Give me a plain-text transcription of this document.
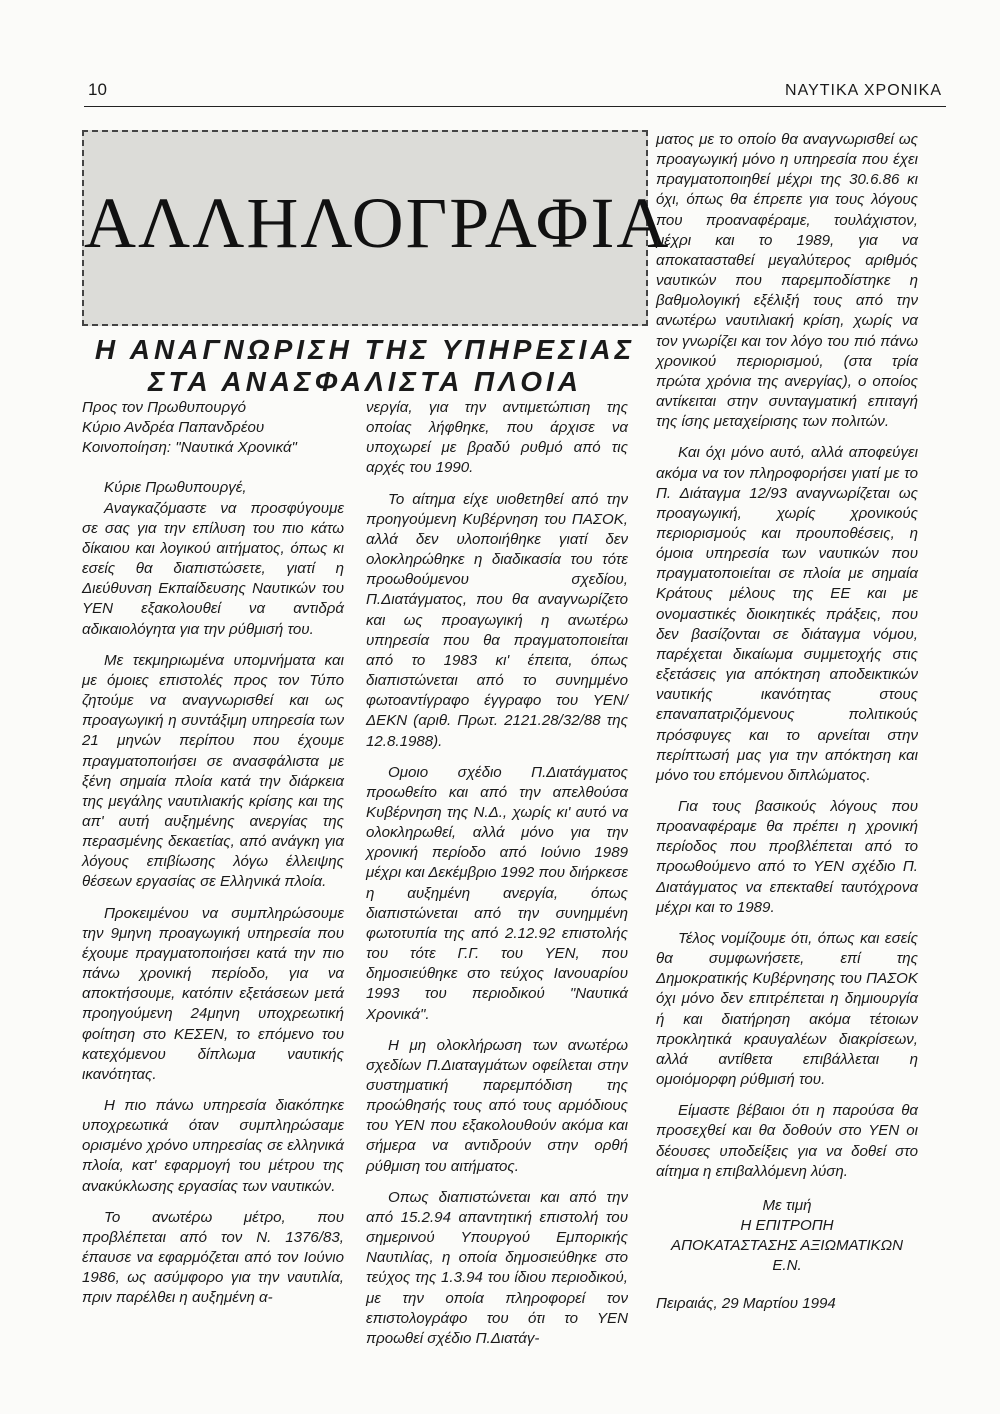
10	ΝΑΥΤΙΚΑ ΧΡΟΝΙΚΑ
ΑΛΛΗΛΟΓΡΑΦΙΑ
Η ΑΝΑΓΝΩΡΙΣΗ ΤΗΣ ΥΠΗΡΕΣΙΑΣ
ΣΤΑ ΑΝΑΣΦΑΛΙΣΤΑ ΠΛΟΙΑ

Προς τον Πρωθυπουργό

Κύριο Ανδρέα Παπανδρέου

Κοινοποίηση: "Ναυτικά Χρονικά"

Κύριε Πρωθυπουργέ,

Αναγκαζόμαστε να προσφύγουμε σε σας για την επίλυση του πιο κάτω δίκαιου και λογικού αιτήματος, όπως κι εσείς θα διαπιστώσετε, γιατί η Διεύθυνση Εκπαίδευσης Ναυτικών του ΥΕΝ εξακολουθεί να αντιδρά αδικαιολόγητα για την ρύθμισή του.

Με τεκμηριωμένα υπομνήματα και με όμοιες επιστολές προς τον Τύπο ζητούμε να αναγνωρισθεί και ως προαγωγική η συντάξιμη υπηρεσία των 21 μηνών περίπου που έχουμε πραγματοποιήσει σε ανασφάλιστα με ξένη σημαία πλοία κατά την διάρκεια της μεγάλης ναυτιλιακής κρίσης και της απ' αυτή αυξημένης ανεργίας της περασμένης δεκαετίας, από ανάγκη για λόγους επιβίωσης λόγω έλλειψης θέσεων εργασίας σε Ελληνικά πλοία.

Προκειμένου να συμπληρώσουμε την 9μηνη προαγωγική υπηρεσία που έχουμε πραγματοποιήσει κατά την πιο πάνω χρονική περίοδο, για να αποκτήσουμε, κατόπιν εξετάσεων μετά προηγούμενη 24μηνη υποχρεωτική φοίτηση στο ΚΕΣΕΝ, το επόμενο του κατεχόμενου δίπλωμα ναυτικής ικανότητας.

Η πιο πάνω υπηρεσία διακόπηκε υποχρεωτικά όταν συμπληρώσαμε ορισμένο χρόνο υπηρεσίας σε ελληνικά πλοία, κατ' εφαρμογή του μέτρου της ανακύκλωσης εργασίας των ναυτικών.

Το ανωτέρω μέτρο, που προβλέπεται από τον Ν. 1376/83, έπαυσε να εφαρμόζεται από τον Ιούνιο 1986, ως ασύμφορο για την ναυτιλία, πριν παρέλθει η αυξημένη α-

νεργία, για την αντιμετώπιση της οποίας λήφθηκε, που άρχισε να υποχωρεί με βραδύ ρυθμό από τις αρχές του 1990.

Το αίτημα είχε υιοθετηθεί από την προηγούμενη Κυβέρνηση του ΠΑΣΟΚ, αλλά δεν υλοποιήθηκε γιατί δεν ολοκληρώθηκε η διαδικασία του τότε προωθούμενου σχεδίου, Π.Διατάγματος, που θα αναγνωρίζετο και ως προαγωγική η ανωτέρω υπηρεσία που θα πραγματοποιείται από το 1983 κι' έπειτα, όπως διαπιστώνεται από το συνημμένο φωτοαντίγραφο έγγραφο του ΥΕΝ/ΔΕΚΝ (αριθ. Πρωτ. 2121.28/32/88 της 12.8.1988).

Ομοιο σχέδιο Π.Διατάγματος προωθείτο και από την απελθούσα Κυβέρνηση της Ν.Δ., χωρίς κι' αυτό να ολοκληρωθεί, αλλά μόνο για την χρονική περίοδο από Ιούνιο 1989 μέχρι και Δεκέμβριο 1992 που διήρκεσε η αυξημένη ανεργία, όπως διαπιστώνεται από την συνημμένη φωτοτυπία της από 2.12.92 επιστολής του τότε Γ.Γ. του ΥΕΝ, που δημοσιεύθηκε στο τεύχος Ιανουαρίου 1993 του περιοδικού "Ναυτικά Χρονικά".

Η μη ολοκλήρωση των ανωτέρω σχεδίων Π.Διαταγμάτων οφείλεται στην συστηματική παρεμπόδιση της προώθησής τους από τους αρμόδιους του ΥΕΝ που εξακολουθούν ακόμα και σήμερα να αντιδρούν στην ορθή ρύθμιση του αιτήματος.

Οπως διαπιστώνεται και από την από 15.2.94 απαντητική επιστολή του σημερινού Υπουργού Εμπορικής Ναυτιλίας, η οποία δημοσιεύθηκε στο τεύχος της 1.3.94 του ίδιου περιοδικού, με την οποία πληροφορεί τον επιστολογράφο του ότι το ΥΕΝ προωθεί σχέδιο Π.Διατάγ-

ματος με το οποίο θα αναγνωρισθεί ως προαγωγική μόνο η υπηρεσία που έχει πραγματοποιηθεί μέχρι της 30.6.86 κι όχι, όπως θα έπρεπε για τους λόγους που προαναφέραμε, τουλάχιστον, μέχρι και το 1989, για να αποκατασταθεί μεγαλύτερος αριθμός ναυτικών που παρεμποδίστηκε η βαθμολογική εξέλιξή τους από την ανωτέρω ναυτιλιακή κρίση, χωρίς να τον γνωρίζει και τον λόγο του πιό πάνω χρονικού περιορισμού, (στα τρία πρώτα χρόνια της ανεργίας), ο οποίος αντίκειται στην συνταγματική επιταγή της ίσης μεταχείρισης των πολιτών.

Και όχι μόνο αυτό, αλλά αποφεύγει ακόμα να τον πληροφορήσει γιατί με το Π. Διάταγμα 12/93 αναγνωρίζεται ως προαγωγική, χωρίς χρονικούς περιορισμούς και προυποθέσεις, η όμοια υπηρεσία των ναυτικών που πραγματοποιείται σε πλοία με σημαία Κράτους μέλους της ΕΕ και με ονομαστικές διοικητικές πράξεις, που δεν βασίζονται σε διάταγμα νόμου, παρέχεται δικαίωμα συμμετοχής στις εξετάσεις για απόκτηση αποδεικτικών ναυτικής ικανότητας στους επαναπατριζόμενους πολιτικούς πρόσφυγες και το αρνείται στην περίπτωσή μας για την απόκτηση και μόνο του επόμενου διπλώματος.

Για τους βασικούς λόγους που προαναφέραμε θα πρέπει η χρονική περίοδος που προβλέπεται από το προωθούμενο από το ΥΕΝ σχέδιο Π. Διατάγματος να επεκταθεί ταυτόχρονα μέχρι και το 1989.

Τέλος νομίζουμε ότι, όπως και εσείς θα συμφωνήσετε, επί της Δημοκρατικής Κυβέρνησης του ΠΑΣΟΚ όχι μόνο δεν επιτρέπεται η δημιουργία ή και διατήρηση ακόμα τέτοιων προκλητικά κραυγαλέων διακρίσεων, αλλά αντίθετα επιβάλλεται η ομοιόμορφη ρύθμισή του.

Είμαστε βέβαιοι ότι η παρούσα θα προσεχθεί και θα δοθούν στο ΥΕΝ οι δέουσες υποδείξεις για να δοθεί στο αίτημα η επιβαλλόμενη λύση.

Με τιμή

Η ΕΠΙΤΡΟΠΗ

ΑΠΟΚΑΤΑΣΤΑΣΗΣ ΑΞΙΩΜΑΤΙΚΩΝ

Ε.Ν.

Πειραιάς, 29 Μαρτίου 1994
